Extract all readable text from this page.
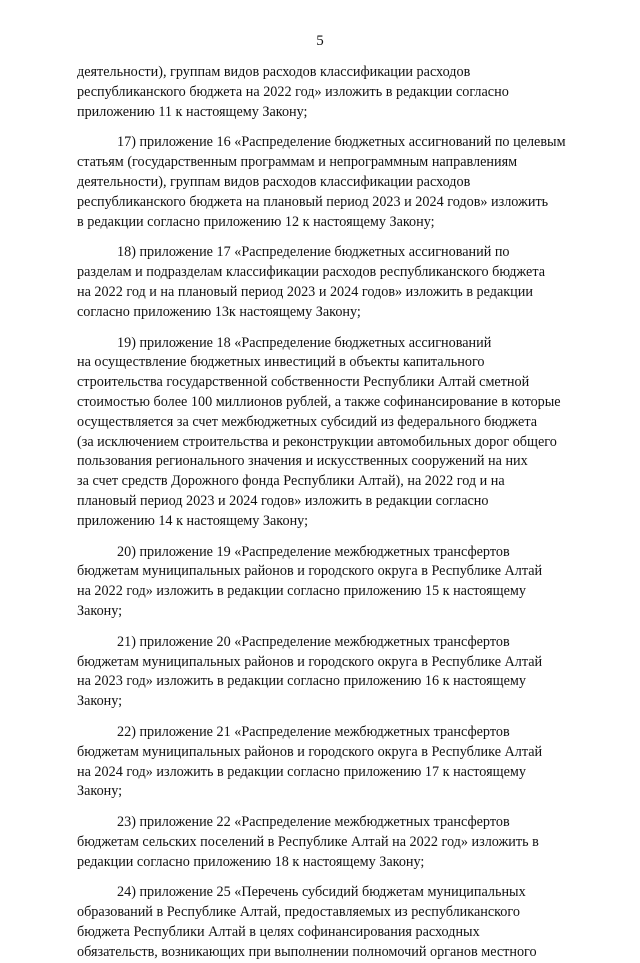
5

деятельности), группам видов расходов классификации расходов
республиканского бюджета на 2022 год» изложить в редакции согласно
приложению 11 к настоящему Закону;

17) приложение 16 «Распределение бюджетных ассигнований по целевым
статьям (государственным программам и непрограммным направлениям
деятельности), группам видов расходов классификации расходов
республиканского бюджета на плановый период 2023 и 2024 годов» изложить
в редакции согласно приложению 12 к настоящему Закону;

18) приложение 17 «Распределение бюджетных ассигнований по
разделам и подразделам классификации расходов республиканского бюджета
на 2022 год и на плановый период 2023 и 2024 годов» изложить в редакции
согласно приложению 13к настоящему Закону;

19) приложение 18 «Распределение бюджетных ассигнований
на осуществление бюджетных инвестиций в объекты капитального
строительства государственной собственности Республики Алтай сметной
стоимостью более 100 миллионов рублей, а также софинансирование в которые
осуществляется за счет межбюджетных субсидий из федерального бюджета
(за исключением строительства и реконструкции автомобильных дорог общего
пользования регионального значения и искусственных сооружений на них
за счет средств Дорожного фонда Республики Алтай), на 2022 год и на
плановый период 2023 и 2024 годов» изложить в редакции согласно
приложению 14 к настоящему Закону;

20) приложение 19 «Распределение межбюджетных трансфертов
бюджетам муниципальных районов и городского округа в Республике Алтай
на 2022 год» изложить в редакции согласно приложению 15 к настоящему
Закону;

21) приложение 20 «Распределение межбюджетных трансфертов
бюджетам муниципальных районов и городского округа в Республике Алтай
на 2023 год» изложить в редакции согласно приложению 16 к настоящему
Закону;

22) приложение 21 «Распределение межбюджетных трансфертов
бюджетам муниципальных районов и городского округа в Республике Алтай
на 2024 год» изложить в редакции согласно приложению 17 к настоящему
Закону;

23) приложение 22 «Распределение межбюджетных трансфертов
бюджетам сельских поселений в Республике Алтай на 2022 год» изложить в
редакции согласно приложению 18 к настоящему Закону;

24) приложение 25 «Перечень субсидий бюджетам муниципальных
образований в Республике Алтай, предоставляемых из республиканского
бюджета Республики Алтай в целях софинансирования расходных
обязательств, возникающих при выполнении полномочий органов местного
